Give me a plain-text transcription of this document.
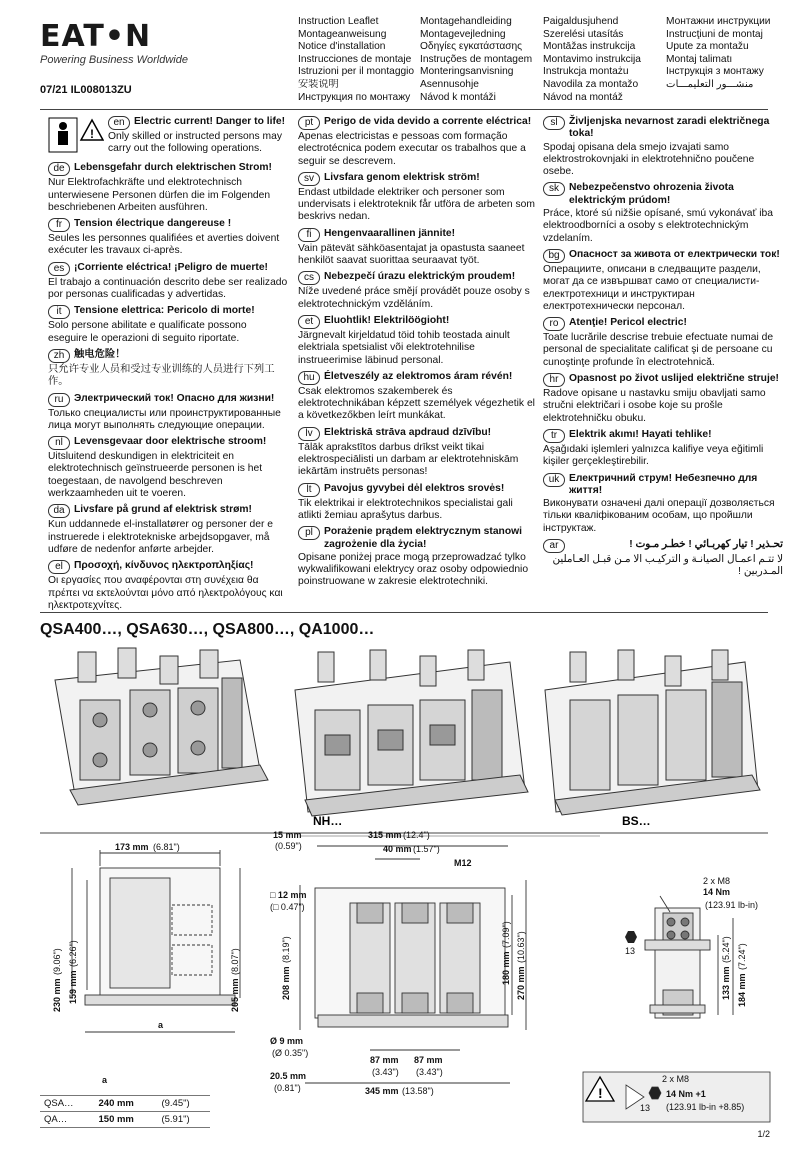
EAT•N
Powering Business Worldwide
07/21 IL008013ZU
Instruction Leaflet
Montageanweisung
Notice d'installation
Instrucciones de montaje
Istruzioni per il montaggio
安装说明
Инструкция по монтажу
Montagehandleiding
Montagevejledning
Οδηγίες εγκατάστασης
Instruções de montagem
Monteringsanvisning
Asennusohje
Návod k montáži
Paigaldusjuhend
Szerelési utasítás
Montāžas instrukcija
Montavimo instrukcija
Instrukcja montażu
Navodila za montažo
Návod na montáž
Монтажни инструкции
Instrucţiuni de montaj
Upute za montažu
Montaj talimatı
Інструкція з монтажу
منشـــور التعليمـــات
!
en Electric current! Danger to life!
Only skilled or instructed persons may carry out the following operations.
de Lebensgefahr durch elektrischen Strom!
Nur Elektrofachkräfte und elektrotechnisch unterwiesene Personen dürfen die im Folgenden beschriebenen Arbeiten ausführen.
fr	Tension électrique dangereuse !
Seules les personnes qualifiées et averties doivent exécuter les travaux ci-après.
es ¡Corriente eléctrica! ¡Peligro de muerte!
El trabajo a continuación descrito debe ser realizado por personas cualificadas y advertidas.
it	Tensione elettrica: Pericolo di morte!
Solo persone abilitate e qualificate possono eseguire le operazioni di seguito riportate.
zh 触电危险！
只允许专业人员和受过专业训练的人员进行下列工作。
ru	Электрический ток! Опасно для жизни!
Только специалисты или проинструктированные лица могут выполнять следующие операции.
nl	Levensgevaar door elektrische stroom!
Uitsluitend deskundigen in elektriciteit en elektrotechnisch geïnstrueerde personen is het toegestaan, de navolgend beschreven werkzaamheden uit te voeren.
da Livsfare på grund af elektrisk strøm!
Kun uddannede el-installatører og personer der e instruerede i elektrotekniske arbejdsopgaver, må udføre de nedenfor anførte arbejder.
el	Προσοχή, κίνδυνος ηλεκτροπληξίας!
Οι εργασίες που αναφέρονται στη συνέχεια θα πρέπει να εκτελούνται μόνο από ηλεκτρολόγους και ηλεκτροτεχνίτες.
pt	Perigo de vida devido a corrente eléctrica!
Apenas electricistas e pessoas com formação electrotécnica podem executar os trabalhos que a seguir se descrevem.
sv Livsfara genom elektrisk ström!
Endast utbildade elektriker och personer som undervisats i elektroteknik får utföra de arbeten som beskrivs nedan.
fi	Hengenvaarallinen jännite!
Vain pätevät sähköasentajat ja opastusta saaneet henkilöt saavat suorittaa seuraavat työt.
cs Nebezpečí úrazu elektrickým proudem!
Níže uvedené práce smějí provádět pouze osoby s elektrotechnickým vzděláním.
et	Eluohtlik! Elektrilöögioht!
Järgnevalt kirjeldatud töid tohib teostada ainult elektriala spetsialist või elektrotehnilise instrueerimise läbinud personal.
hu Életveszély az elektromos áram révén!
Csak elektromos szakemberek és elektrotechnikában képzett személyek végezhetik el a következőkben leírt munkákat.
lv	Elektriskā strāva apdraud dzīvību!
Tālāk aprakstītos darbus drīkst veikt tikai elektrospeciālisti un darbam ar elektrotehniskām iekārtām instruēts personas!
lt	Pavojus gyvybei dėl elektros srovės!
Tik elektrikai ir elektrotechnikos specialistai gali atlikti žemiau aprašytus darbus.
pl	Porażenie prądem elektrycznym stanowi zagrożenie dla życia!
Opisane poniżej prace mogą przeprowadzać tylko wykwalifikowani elektrycy oraz osoby odpowiednio poinstruowane w zakresie elektrotechniki.
sl	Življenjska nevarnost zaradi električnega toka!
Spodaj opisana dela smejo izvajati samo elektrostrokovnjaki in elektrotehnično poučene osebe.
sk Nebezpečenstvo ohrozenia života elektrickým prúdom!
Práce, ktoré sú nižšie opísané, smú vykonávať iba elektroodborníci a osoby s elektrotechnickým vzdelaním.
bg Опасност за живота от електрически ток!
Операциите, описани в следващите раздели, могат да се извършват само от специалисти-електротехници и инструктиран електротехнически персонал.
ro	Atenţie! Pericol electric!
Toate lucrările descrise trebuie efectuate numai de personal de specialitate calificat şi de persoane cu cunoştinţe profunde în electrotehnică.
hr	Opasnost po život uslijed električne struje!
Radove opisane u nastavku smiju obavljati samo stručni električari i osobe koje su prošle elektrotehničku obuku.
tr	Elektrik akımı! Hayati tehlike!
Aşağıdaki işlemleri yalnızca kalifiye veya eğitimli kişiler gerçekleştirebilir.
uk Електричний струм! Небезпечно для життя!
Виконувати означені далі операції дозволяється тільки кваліфікованим особам, що пройшли інструктаж.
ar	تحـذير ! تيار كهربـائي ! خطـر مـوت !
لا تتـم اعمـال الصيانـة و التركيـب الا مـن قبـل العـاملين المـدربين !
QSA400…, QSA630…, QSA800…, QA1000…
NH…	BS…
173 mm (6.81")
230 mm
(9.06")
159 mm
(6.26")
205 mm
(8.07")
a
a
15 mm
(0.59")
□ 12 mm
(□ 0.47")
315 mm (12.4")
40 mm (1.57")
M12
208 mm
(8.19")
180 mm
(7.09")
270 mm
(10.63")
Ø 9 mm
(Ø 0.35")
87 mm
(3.43")
87 mm
(3.43")
20.5 mm
(0.81")	345 mm (13.58")
13
2 x M8
14 Nm
(123.91 lb-in)
133 mm
(5.24")
184 mm
(7.24")
!
2 x M8
14 Nm +1
(123.91 lb-in +8.85)
13
QSA…	240 mm	(9.45")
QA…	150 mm	(5.91")
1/2
